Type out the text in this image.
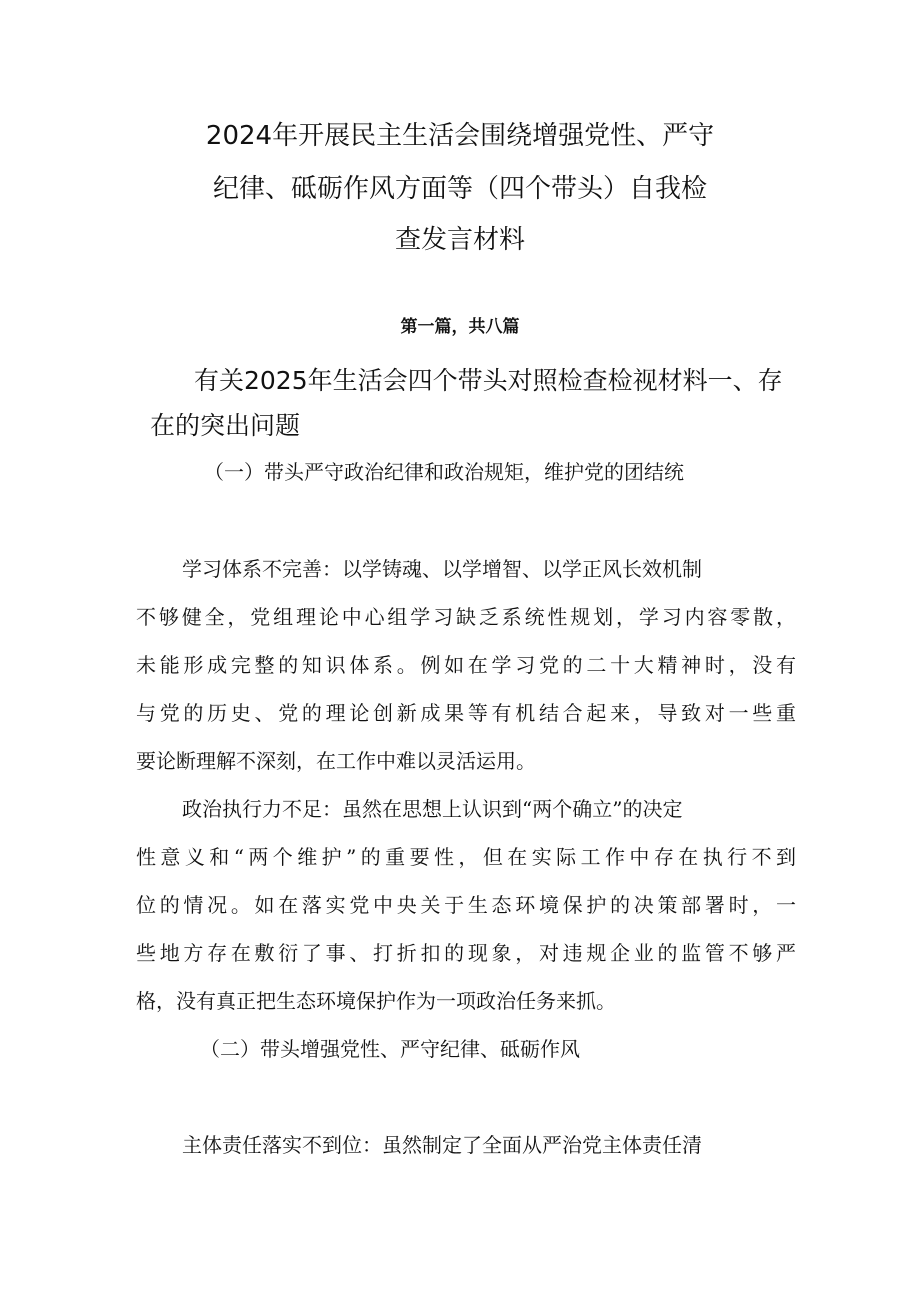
2024年开展民主生活会围绕增强党性、严守
纪律、砥砺作风方面等（四个带头）自我检
查发言材料
第一篇，共八篇
有关2025年生活会四个带头对照检查检视材料一、存
在的突出问题
（一）带头严守政治纪律和政治规矩，维护党的团结统
学习体系不完善：以学铸魂、以学增智、以学正风长效机制
不够健全，党组理论中心组学习缺乏系统性规划，学习内容零散，
未能形成完整的知识体系。例如在学习党的二十大精神时，没有
与党的历史、党的理论创新成果等有机结合起来，导致对一些重
要论断理解不深刻，在工作中难以灵活运用。
政治执行力不足：虽然在思想上认识到“两个确立”的决定
性意义和“两个维护”的重要性，但在实际工作中存在执行不到
位的情况。如在落实党中央关于生态环境保护的决策部署时，一
些地方存在敷衍了事、打折扣的现象，对违规企业的监管不够严
格，没有真正把生态环境保护作为一项政治任务来抓。
（二）带头增强党性、严守纪律、砥砺作风
主体责任落实不到位：虽然制定了全面从严治党主体责任清
